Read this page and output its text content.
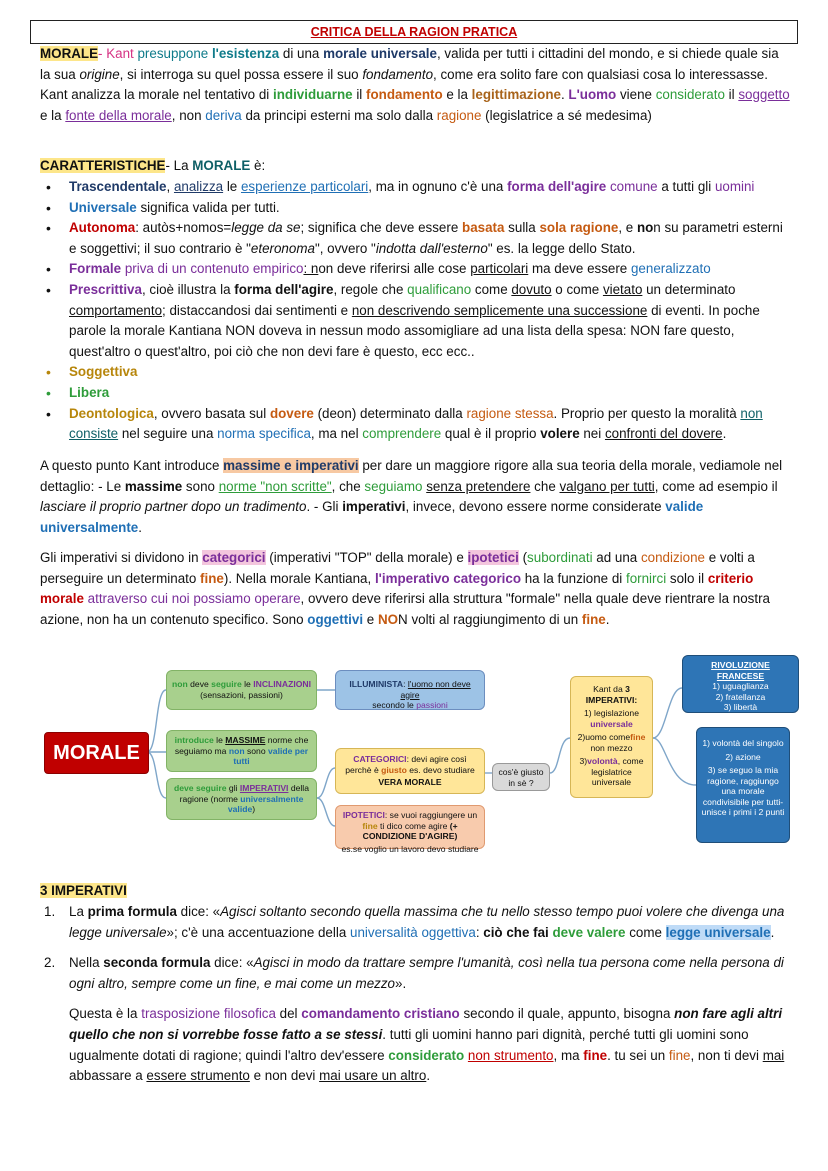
CRITICA DELLA RAGION PRATICA
MORALE- Kant presuppone l'esistenza di una morale universale, valida per tutti i cittadini del mondo, e si chiede quale sia la sua origine, si interroga su quel possa essere il suo fondamento, come era solito fare con qualsiasi cosa lo interessasse. Kant analizza la morale nel tentativo di individuarne il fondamento e la legittimazione. L'uomo viene considerato il soggetto e la fonte della morale, non deriva da principi esterni ma solo dalla ragione (legislatrice a sé medesima)
CARATTERISTICHE- La MORALE è:
• Trascendentale, analizza le esperienze particolari, ma in ognuno c'è una forma dell'agire comune a tutti gli uomini
• Universale significa valida per tutti.
• Autonoma: autòs+nomos=legge da se; significa che deve essere basata sulla sola ragione, e non su parametri esterni e soggettivi; il suo contrario è "eteronoma", ovvero "indotta dall'esterno" es. la legge dello Stato.
• Formale priva di un contenuto empirico: non deve riferirsi alle cose particolari ma deve essere generalizzato
• Prescrittiva, cioè illustra la forma dell'agire, regole che qualificano come dovuto o come vietato un determinato comportamento; distaccandosi dai sentimenti e non descrivendo semplicemente una successione di eventi. In poche parole la morale Kantiana NON doveva in nessun modo assomigliare ad una lista della spesa: NON fare questo, quest'altro o quest'altro, poi ciò che non devi fare è questo, ecc ecc..
• Soggettiva
• Libera
• Deontologica, ovvero basata sul dovere (deon) determinato dalla ragione stessa. Proprio per questo la moralità non consiste nel seguire una norma specifica, ma nel comprendere qual è il proprio volere nei confronti del dovere.
A questo punto Kant introduce massime e imperativi per dare un maggiore rigore alla sua teoria della morale, vediamole nel dettaglio: - Le massime sono norme "non scritte", che seguiamo senza pretendere che valgano per tutti, come ad esempio il lasciare il proprio partner dopo un tradimento. - Gli imperativi, invece, devono essere norme considerate valide universalmente.
Gli imperativi si dividono in categorici (imperativi "TOP" della morale) e ipotetici (subordinati ad una condizione e volti a perseguire un determinato fine). Nella morale Kantiana, l'imperativo categorico ha la funzione di fornirci solo il criterio morale attraverso cui noi possiamo operare, ovvero deve riferirsi alla struttura "formale" nella quale deve rientrare la nostra azione, non ha un contenuto specifico. Sono oggettivi e NON volti al raggiungimento di un fine.
MORALE
non deve seguire le INCLINAZIONI
(sensazioni, passioni)
ILLUMINISTA: l'uomo non deve agire
secondo le passioni
introduce le MASSIME norme che seguiamo ma non sono valide per tutti
deve seguire gli IMPERATIVI della ragione (norme universalmente valide)
CATEGORICI: devi agire così perchè è giusto es. devo studiare
VERA MORALE
IPOTETICI: se vuoi raggiungere un fine ti dico come agire (+ CONDIZIONE D'AGIRE)
es.se voglio un lavoro devo studiare
cos'è giusto in sè ?
Kant da 3
IMPERATIVI:
1) legislazioneuniversale
2)uomo comefine non mezzo
3)volontà, come legislatrice universale
RIVOLUZIONE FRANCESE
1) uguaglianza
2) fratellanza
3) libertà
1) volontà del singolo
2) azione
3) se seguo la mia ragione, raggiungo una morale condivisibile per tutti-unisce i primi i 2 punti
3 IMPERATIVI
1. La prima formula dice: «Agisci soltanto secondo quella massima che tu nello stesso tempo puoi volere che divenga una legge universale»; c'è una accentuazione della universalità oggettiva: ciò che fai deve valere come legge universale.
2. Nella seconda formula dice: «Agisci in modo da trattare sempre l'umanità, così nella tua persona come nella persona di ogni altro, sempre come un fine, e mai come un mezzo».
Questa è la trasposizione filosofica del comandamento cristiano secondo il quale, appunto, bisogna non fare agli altri quello che non si vorrebbe fosse fatto a se stessi. tutti gli uomini hanno pari dignità, perché tutti gli uomini sono ugualmente dotati di ragione; quindi l'altro dev'essere considerato non strumento, ma fine. tu sei un fine, non ti devi mai abbassare a essere strumento e non devi mai usare un altro.
